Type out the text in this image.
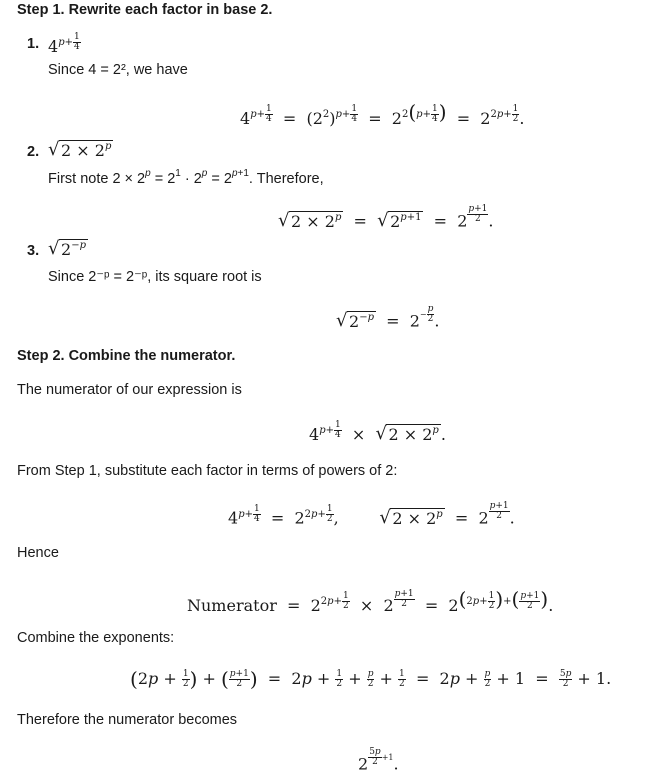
Step 1. Rewrite each factor in base 2.
1. $4^{p+ \frac{1}{4}}$
Since 4 = 2², we have
$4^{p+ \frac{1}{4}} = (2^2)^{p+ \frac{1}{4}} = 2^{2(p+ \frac{1}{4} )} = 2^{2p+ \frac{1}{2}}$ .
2.	√ $2 \times 2^p$
First note $2 \times 2^p = 2^1 \cdot 2^p = 2^{p+1}$. Therefore,
√ $2 \times 2^p$  =  √ $2^{p+1} = 2$ $^{\frac{p+1}{2}}$ .
3.	√ $2^{-p}$
Since 2⁻ᵖ = 2⁻ᵖ, its square root is
√ $2^{-p} = 2^{- \frac{p}{2}}$ .
Step 2. Combine the numerator.
The numerator of our expression is
$4^{p+ \frac{1}{4}}$ ×  √ $2 \times 2^p$ .
From Step 1, substitute each factor in terms of powers of 2:
$4^{p+ \frac{1}{4}} = 2^{2p+ \frac{1}{2}}$ ,        √ $2 \times 2^p = 2$ $^{\frac{p+1}{2}}$ .
Hence
Numerator  =  $2^{2p+ \frac{1}{2}} \times 2$ $^{\frac{p+1}{2}} = 2^{(2p+ \frac{1}{2} )+( \frac{p+1}{2} )}$.
Combine the exponents:
($2p + \frac{1}{2}$ ) + ( $\frac{p+1}{2}$ )  =  $2p + \frac{1}{2} + \frac{p}{2} + \frac{1}{2} = 2p + \frac{p}{2} + 1 = \frac{5p}{2} + 1$.
Therefore the numerator becomes
2 $^{\frac{5p}{2} +1}$.
